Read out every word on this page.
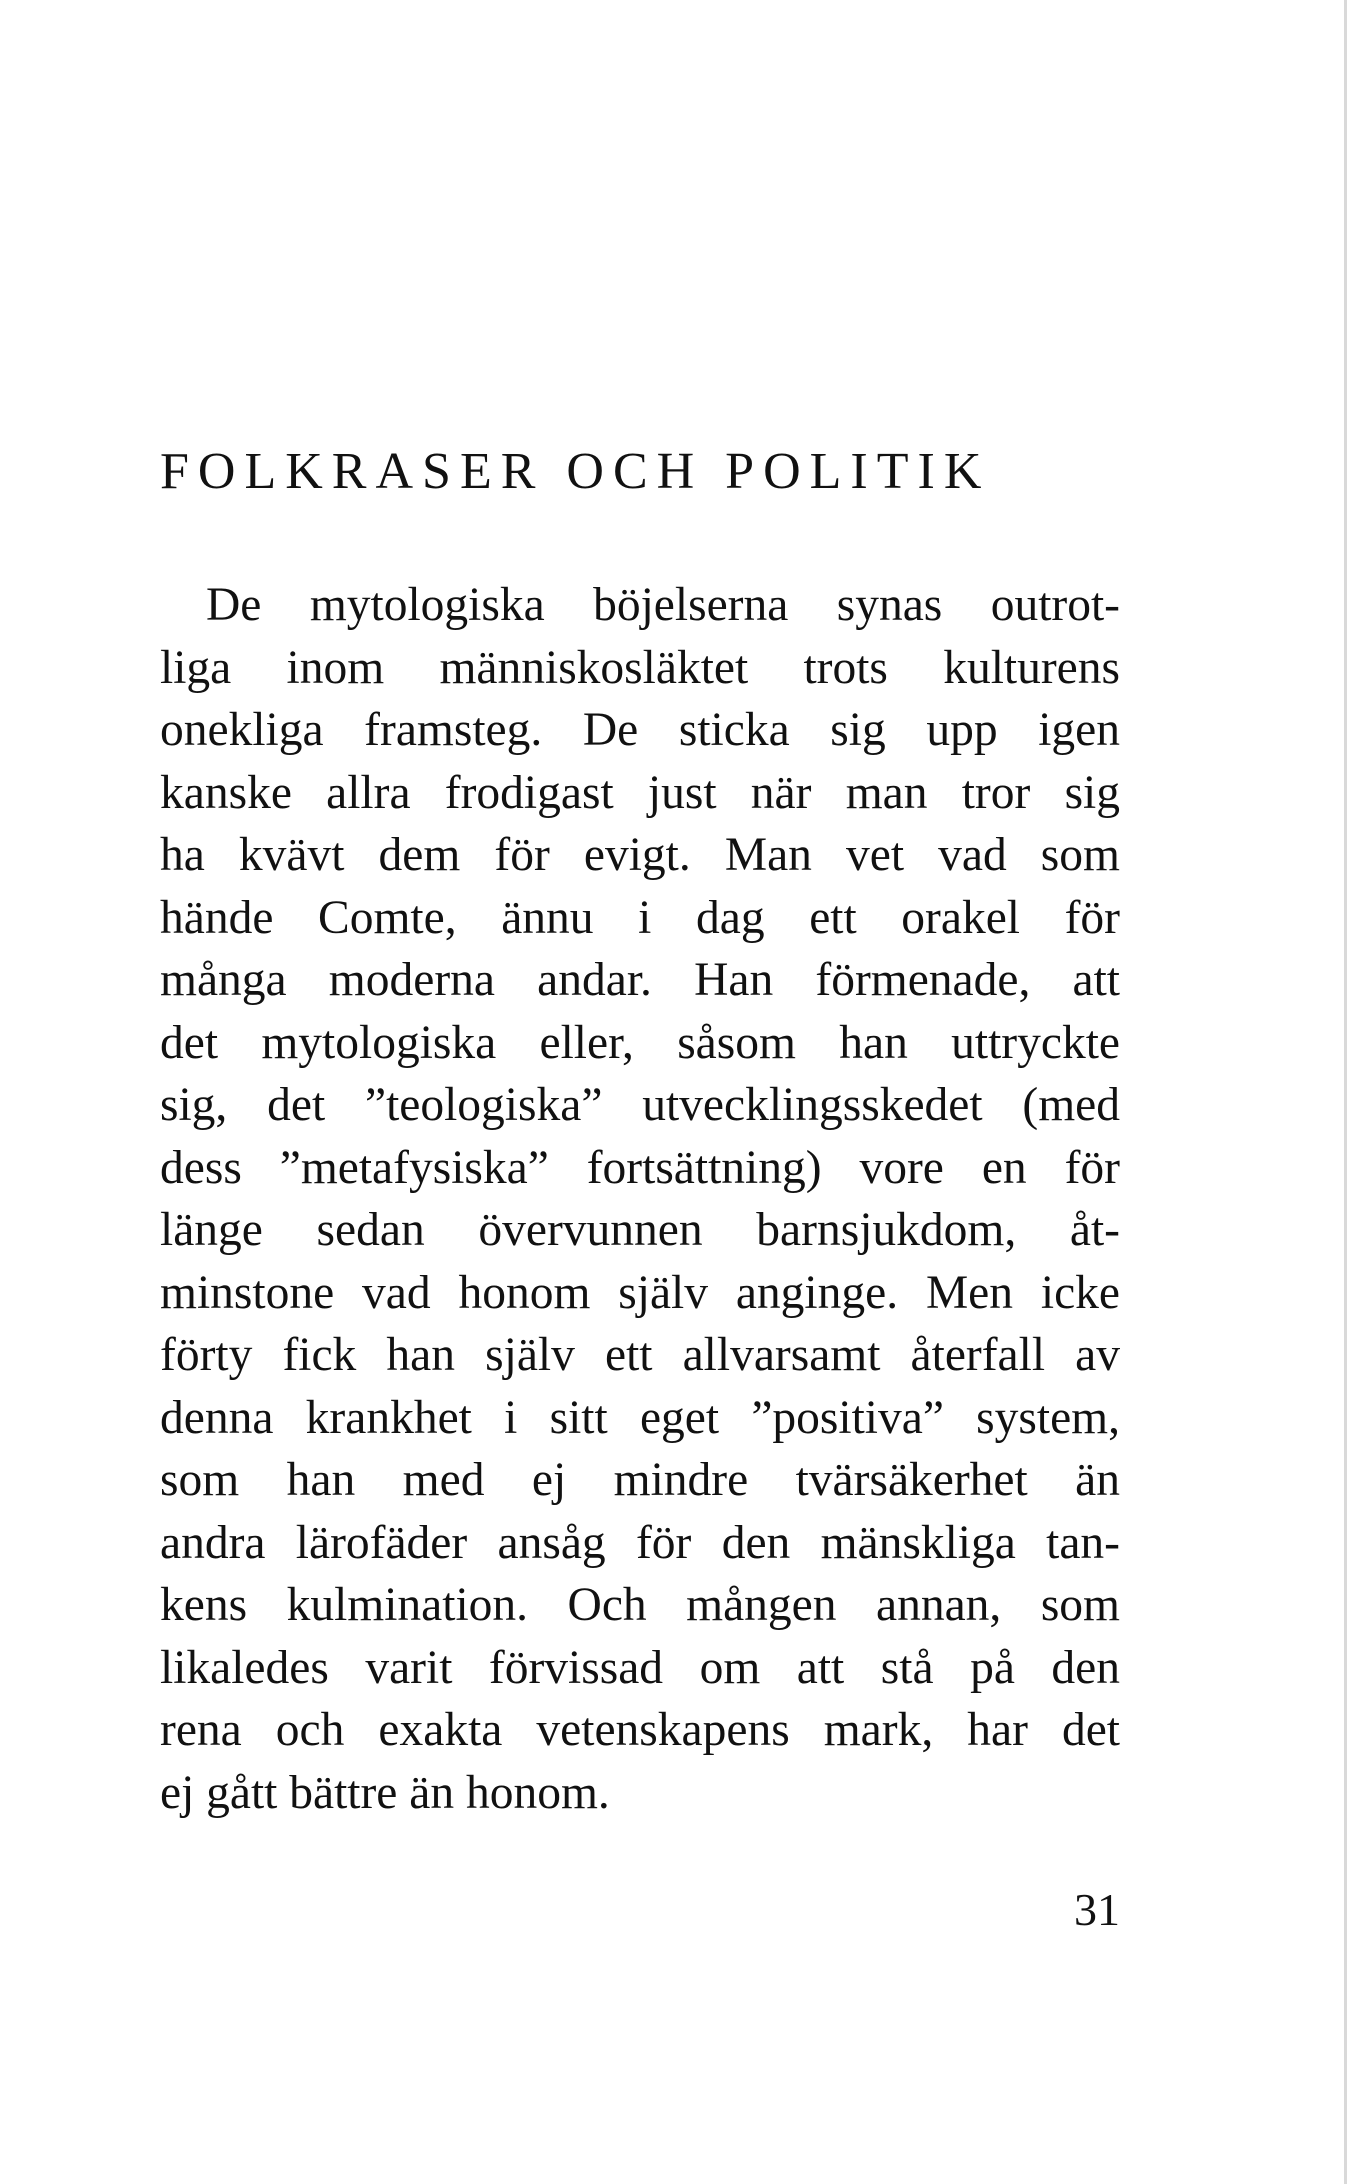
FOLKRASER OCH POLITIK
De mytologiska böjelserna synas outrot-
liga inom människosläktet trots kulturens
onekliga framsteg. De sticka sig upp igen
kanske allra frodigast just när man tror sig
ha kvävt dem för evigt. Man vet vad som
hände Comte, ännu i dag ett orakel för
många moderna andar. Han förmenade, att
det mytologiska eller, såsom han uttryckte
sig, det ”teologiska” utvecklingsskedet (med
dess ”metafysiska” fortsättning) vore en för
länge sedan övervunnen barnsjukdom, åt-
minstone vad honom själv anginge. Men icke
förty fick han själv ett allvarsamt återfall av
denna krankhet i sitt eget ”positiva” system,
som han med ej mindre tvärsäkerhet än
andra lärofäder ansåg för den mänskliga tan-
kens kulmination. Och mången annan, som
likaledes varit förvissad om att stå på den
rena och exakta vetenskapens mark, har det
ej gått bättre än honom.
31
